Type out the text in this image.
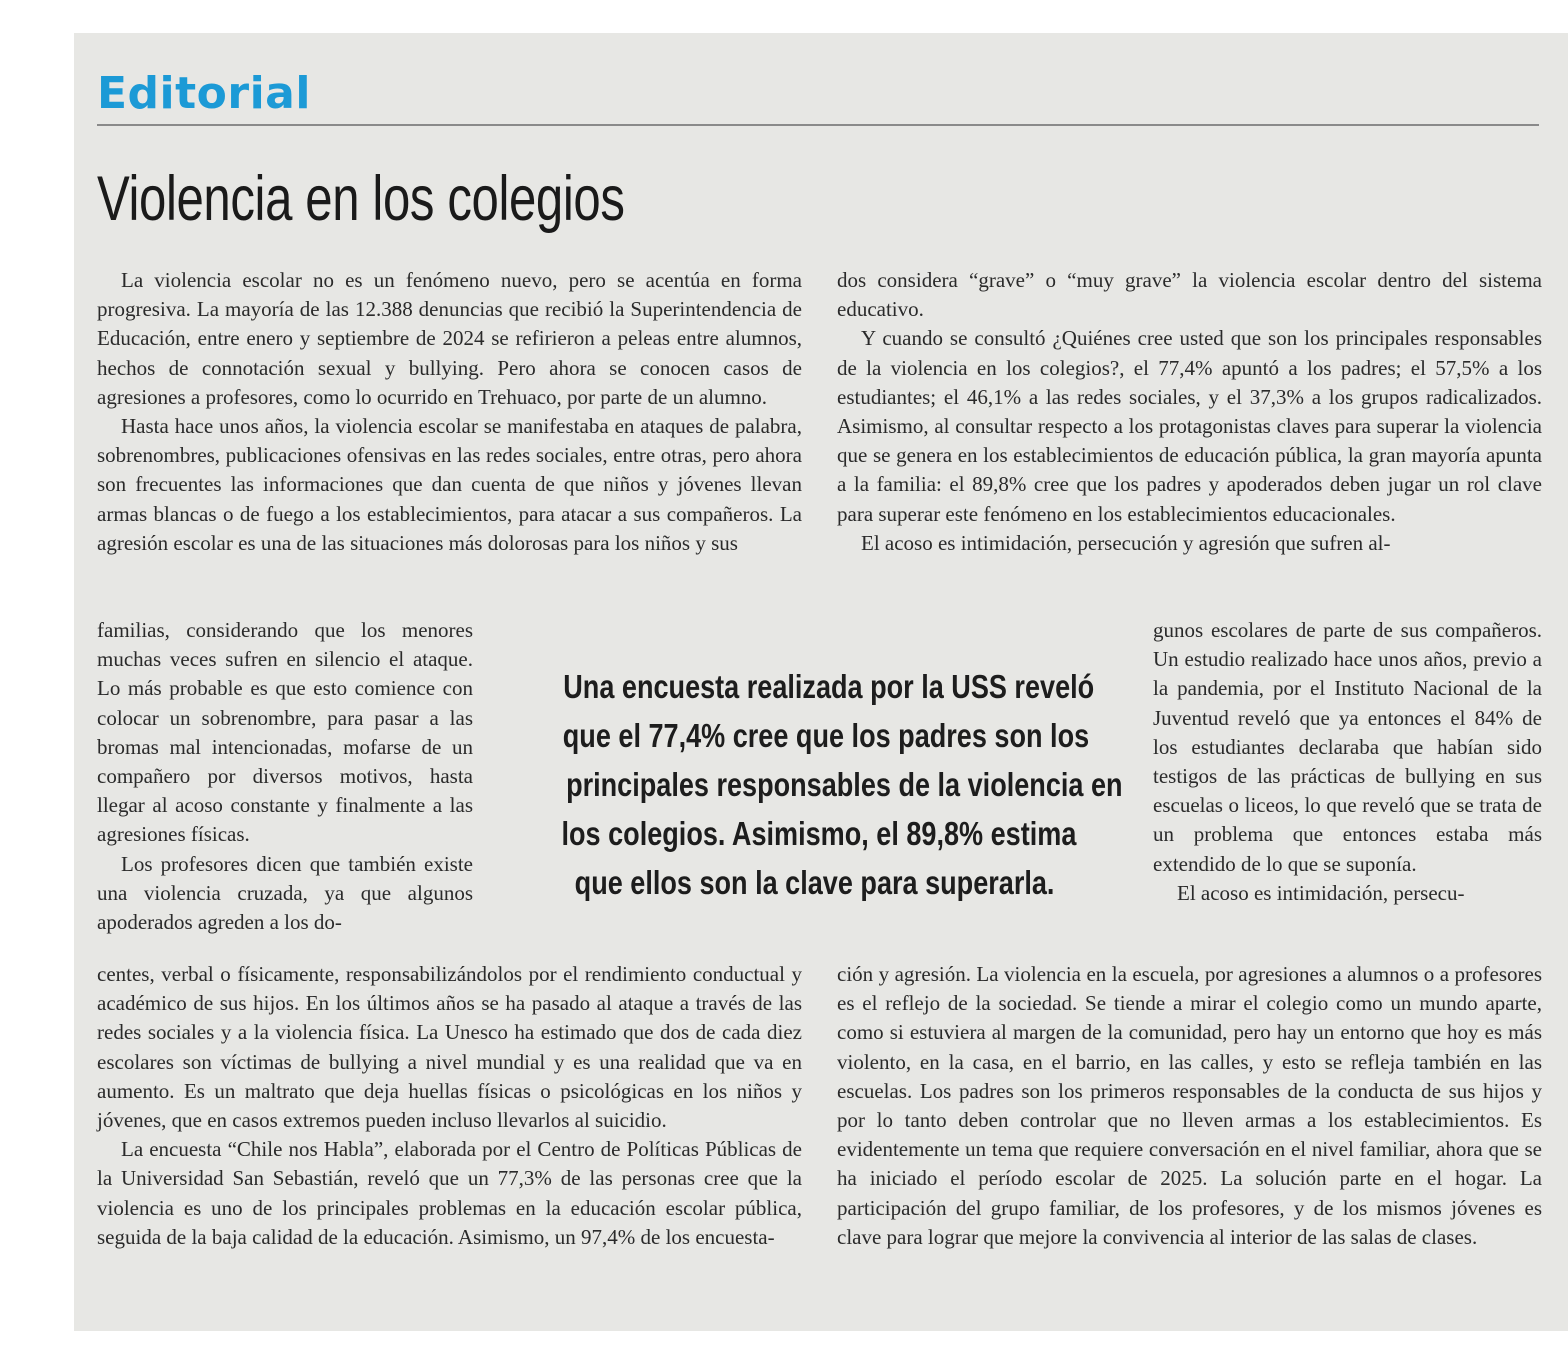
Editorial
Violencia en los colegios

La violencia escolar no es un fenómeno nuevo, pero se acentúa en forma progresiva. La mayoría de las 12.388 denuncias que recibió la Superintendencia de Educación, entre enero y septiembre de 2024 se refirieron a peleas entre alumnos, hechos de connotación sexual y bullying. Pero ahora se conocen casos de agresiones a profesores, como lo ocurrido en Trehuaco, por parte de un alumno.

Hasta hace unos años, la violencia escolar se manifestaba en ataques de palabra, sobrenombres, publicaciones ofensivas en las redes sociales, entre otras, pero ahora son frecuentes las informaciones que dan cuenta de que niños y jóvenes llevan armas blancas o de fuego a los establecimientos, para atacar a sus compañeros. La agresión escolar es una de las situaciones más dolorosas para los niños y sus

familias, considerando que los menores muchas veces sufren en silencio el ataque. Lo más probable es que esto comience con colocar un sobrenombre, para pasar a las bromas mal intencionadas, mofarse de un compañero por diversos motivos, hasta llegar al acoso constante y finalmente a las agresiones físicas.

Los profesores dicen que también existe una violencia cruzada, ya que algunos apoderados agreden a los do-

centes, verbal o físicamente, responsabilizándolos por el rendimiento conductual y académico de sus hijos. En los últimos años se ha pasado al ataque a través de las redes sociales y a la violencia física. La Unesco ha estimado que dos de cada diez escolares son víctimas de bullying a nivel mundial y es una realidad que va en aumento. Es un maltrato que deja huellas físicas o psicológicas en los niños y jóvenes, que en casos extremos pueden incluso llevarlos al suicidio.

La encuesta “Chile nos Habla”, elaborada por el Centro de Políticas Públicas de la Universidad San Sebastián, reveló que un 77,3% de las personas cree que la violencia es uno de los principales problemas en la educación escolar pública, seguida de la baja calidad de la educación. Asimismo, un 97,4% de los encuesta-

dos considera “grave” o “muy grave” la violencia escolar dentro del sistema educativo.

Y cuando se consultó ¿Quiénes cree usted que son los principales responsables de la violencia en los colegios?, el 77,4% apuntó a los padres; el 57,5% a los estudiantes; el 46,1% a las redes sociales, y el 37,3% a los grupos radicalizados. Asimismo, al consultar respecto a los protagonistas claves para superar la violencia que se genera en los establecimientos de educación pública, la gran mayoría apunta a la familia: el 89,8% cree que los padres y apoderados deben jugar un rol clave para superar este fenómeno en los establecimientos educacionales.

El acoso es intimidación, persecución y agresión que sufren al-

gunos escolares de parte de sus compañeros. Un estudio realizado hace unos años, previo a la pandemia, por el Instituto Nacional de la Juventud reveló que ya entonces el 84% de los estudiantes declaraba que habían sido testigos de las prácticas de bullying en sus escuelas o liceos, lo que reveló que se trata de un problema que entonces estaba más extendido de lo que se suponía.

El acoso es intimidación, persecu-

ción y agresión. La violencia en la escuela, por agresiones a alumnos o a profesores es el reflejo de la sociedad. Se tiende a mirar el colegio como un mundo aparte, como si estuviera al margen de la comunidad, pero hay un entorno que hoy es más violento, en la casa, en el barrio, en las calles, y esto se refleja también en las escuelas. Los padres son los primeros responsables de la conducta de sus hijos y por lo tanto deben controlar que no lleven armas a los establecimientos. Es evidentemente un tema que requiere conversación en el nivel familiar, ahora que se ha iniciado el período escolar de 2025. La solución parte en el hogar. La participación del grupo familiar, de los profesores, y de los mismos jóvenes es clave para lograr que mejore la convivencia al interior de las salas de clases.

Una encuesta realizada por la USS reveló
que el 77,4% cree que los padres son los
principales responsables de la violencia en
los colegios. Asimismo, el 89,8% estima
que ellos son la clave para superarla.
